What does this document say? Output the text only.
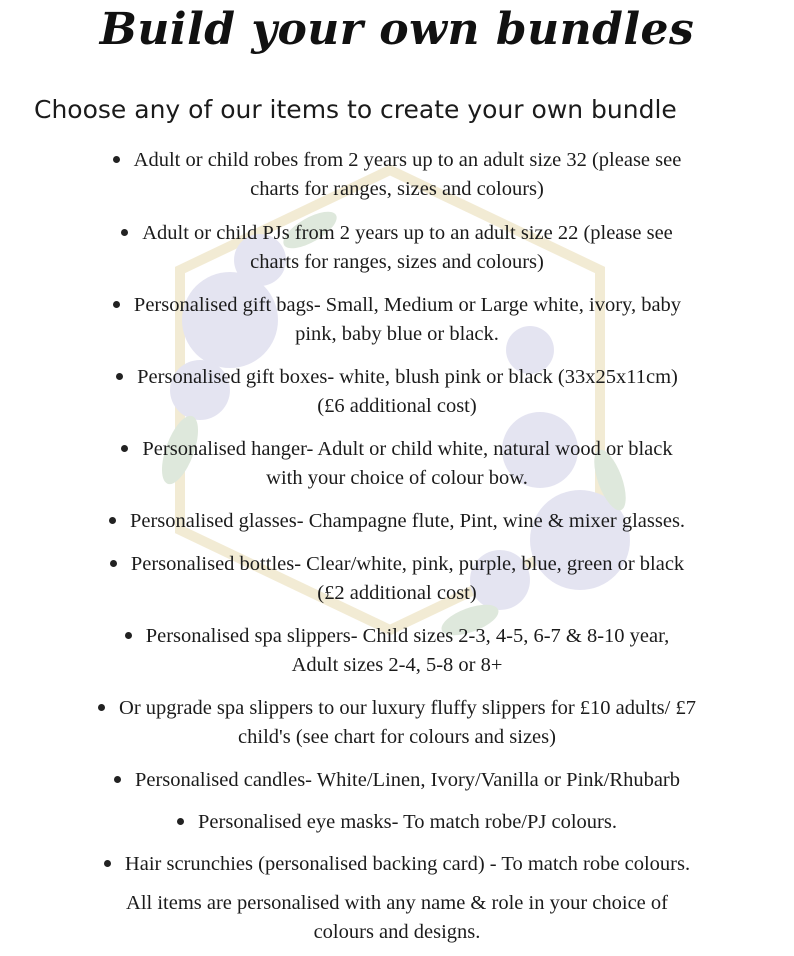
Build your own bundles
Choose any of our items to create your own bundle
Adult or child robes from 2 years up to an adult size 32 (please see
charts for ranges, sizes and colours)
Adult or child PJs from 2 years up to an adult size 22 (please see
charts for ranges, sizes and colours)
Personalised gift bags- Small, Medium or Large white, ivory, baby
pink, baby blue or black.
Personalised gift boxes- white, blush pink or black (33x25x11cm)
(£6 additional cost)
Personalised hanger- Adult or child white, natural wood or black
with your choice of colour bow.
Personalised glasses- Champagne flute, Pint, wine & mixer glasses.
Personalised bottles- Clear/white, pink, purple, blue, green or black
(£2 additional cost)
Personalised spa slippers- Child sizes 2-3, 4-5, 6-7 & 8-10 year,
Adult sizes 2-4, 5-8 or 8+
Or upgrade spa slippers to our luxury fluffy slippers for £10 adults/ £7
child's (see chart for colours and sizes)
Personalised candles- White/Linen, Ivory/Vanilla or Pink/Rhubarb
Personalised eye masks- To match robe/PJ colours.
Hair scrunchies (personalised backing card) - To match robe colours.
All items are personalised with any name & role in your choice of
colours and designs.
